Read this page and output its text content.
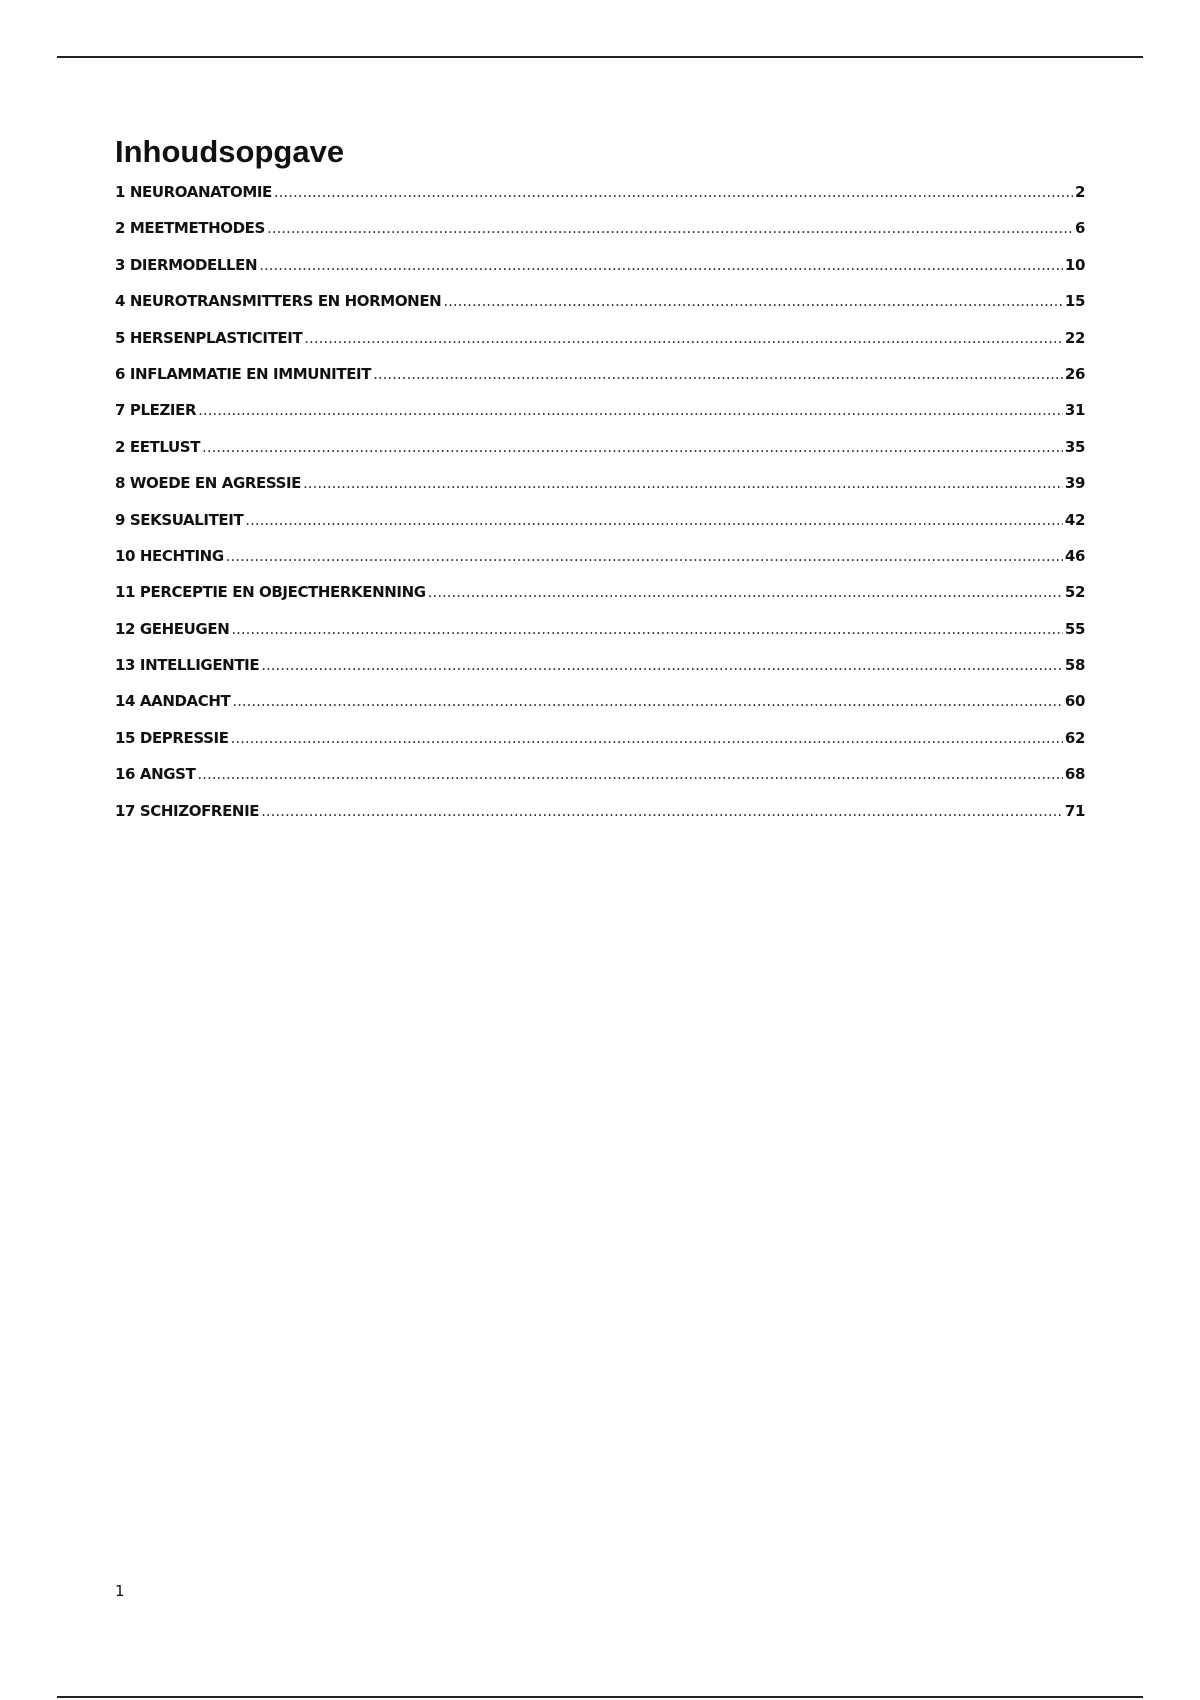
Inhoudsopgave
1 NEUROANATOMIE .....	2
2 MEETMETHODES .....	6
3 DIERMODELLEN .....	10
4 NEUROTRANSMITTERS EN HORMONEN .....	15
5 HERSENPLASTICITEIT .....	22
6 INFLAMMATIE EN IMMUNITEIT .....	26
7 PLEZIER .....	31
2 EETLUST .....	35
8 WOEDE EN AGRESSIE .....	39
9 SEKSUALITEIT .....	42
10 HECHTING .....	46
11 PERCEPTIE EN OBJECTHERKENNING .....	52
12 GEHEUGEN .....	55
13 INTELLIGENTIE .....	58
14 AANDACHT .....	60
15 DEPRESSIE .....	62
16 ANGST .....	68
17 SCHIZOFRENIE .....	71
1
